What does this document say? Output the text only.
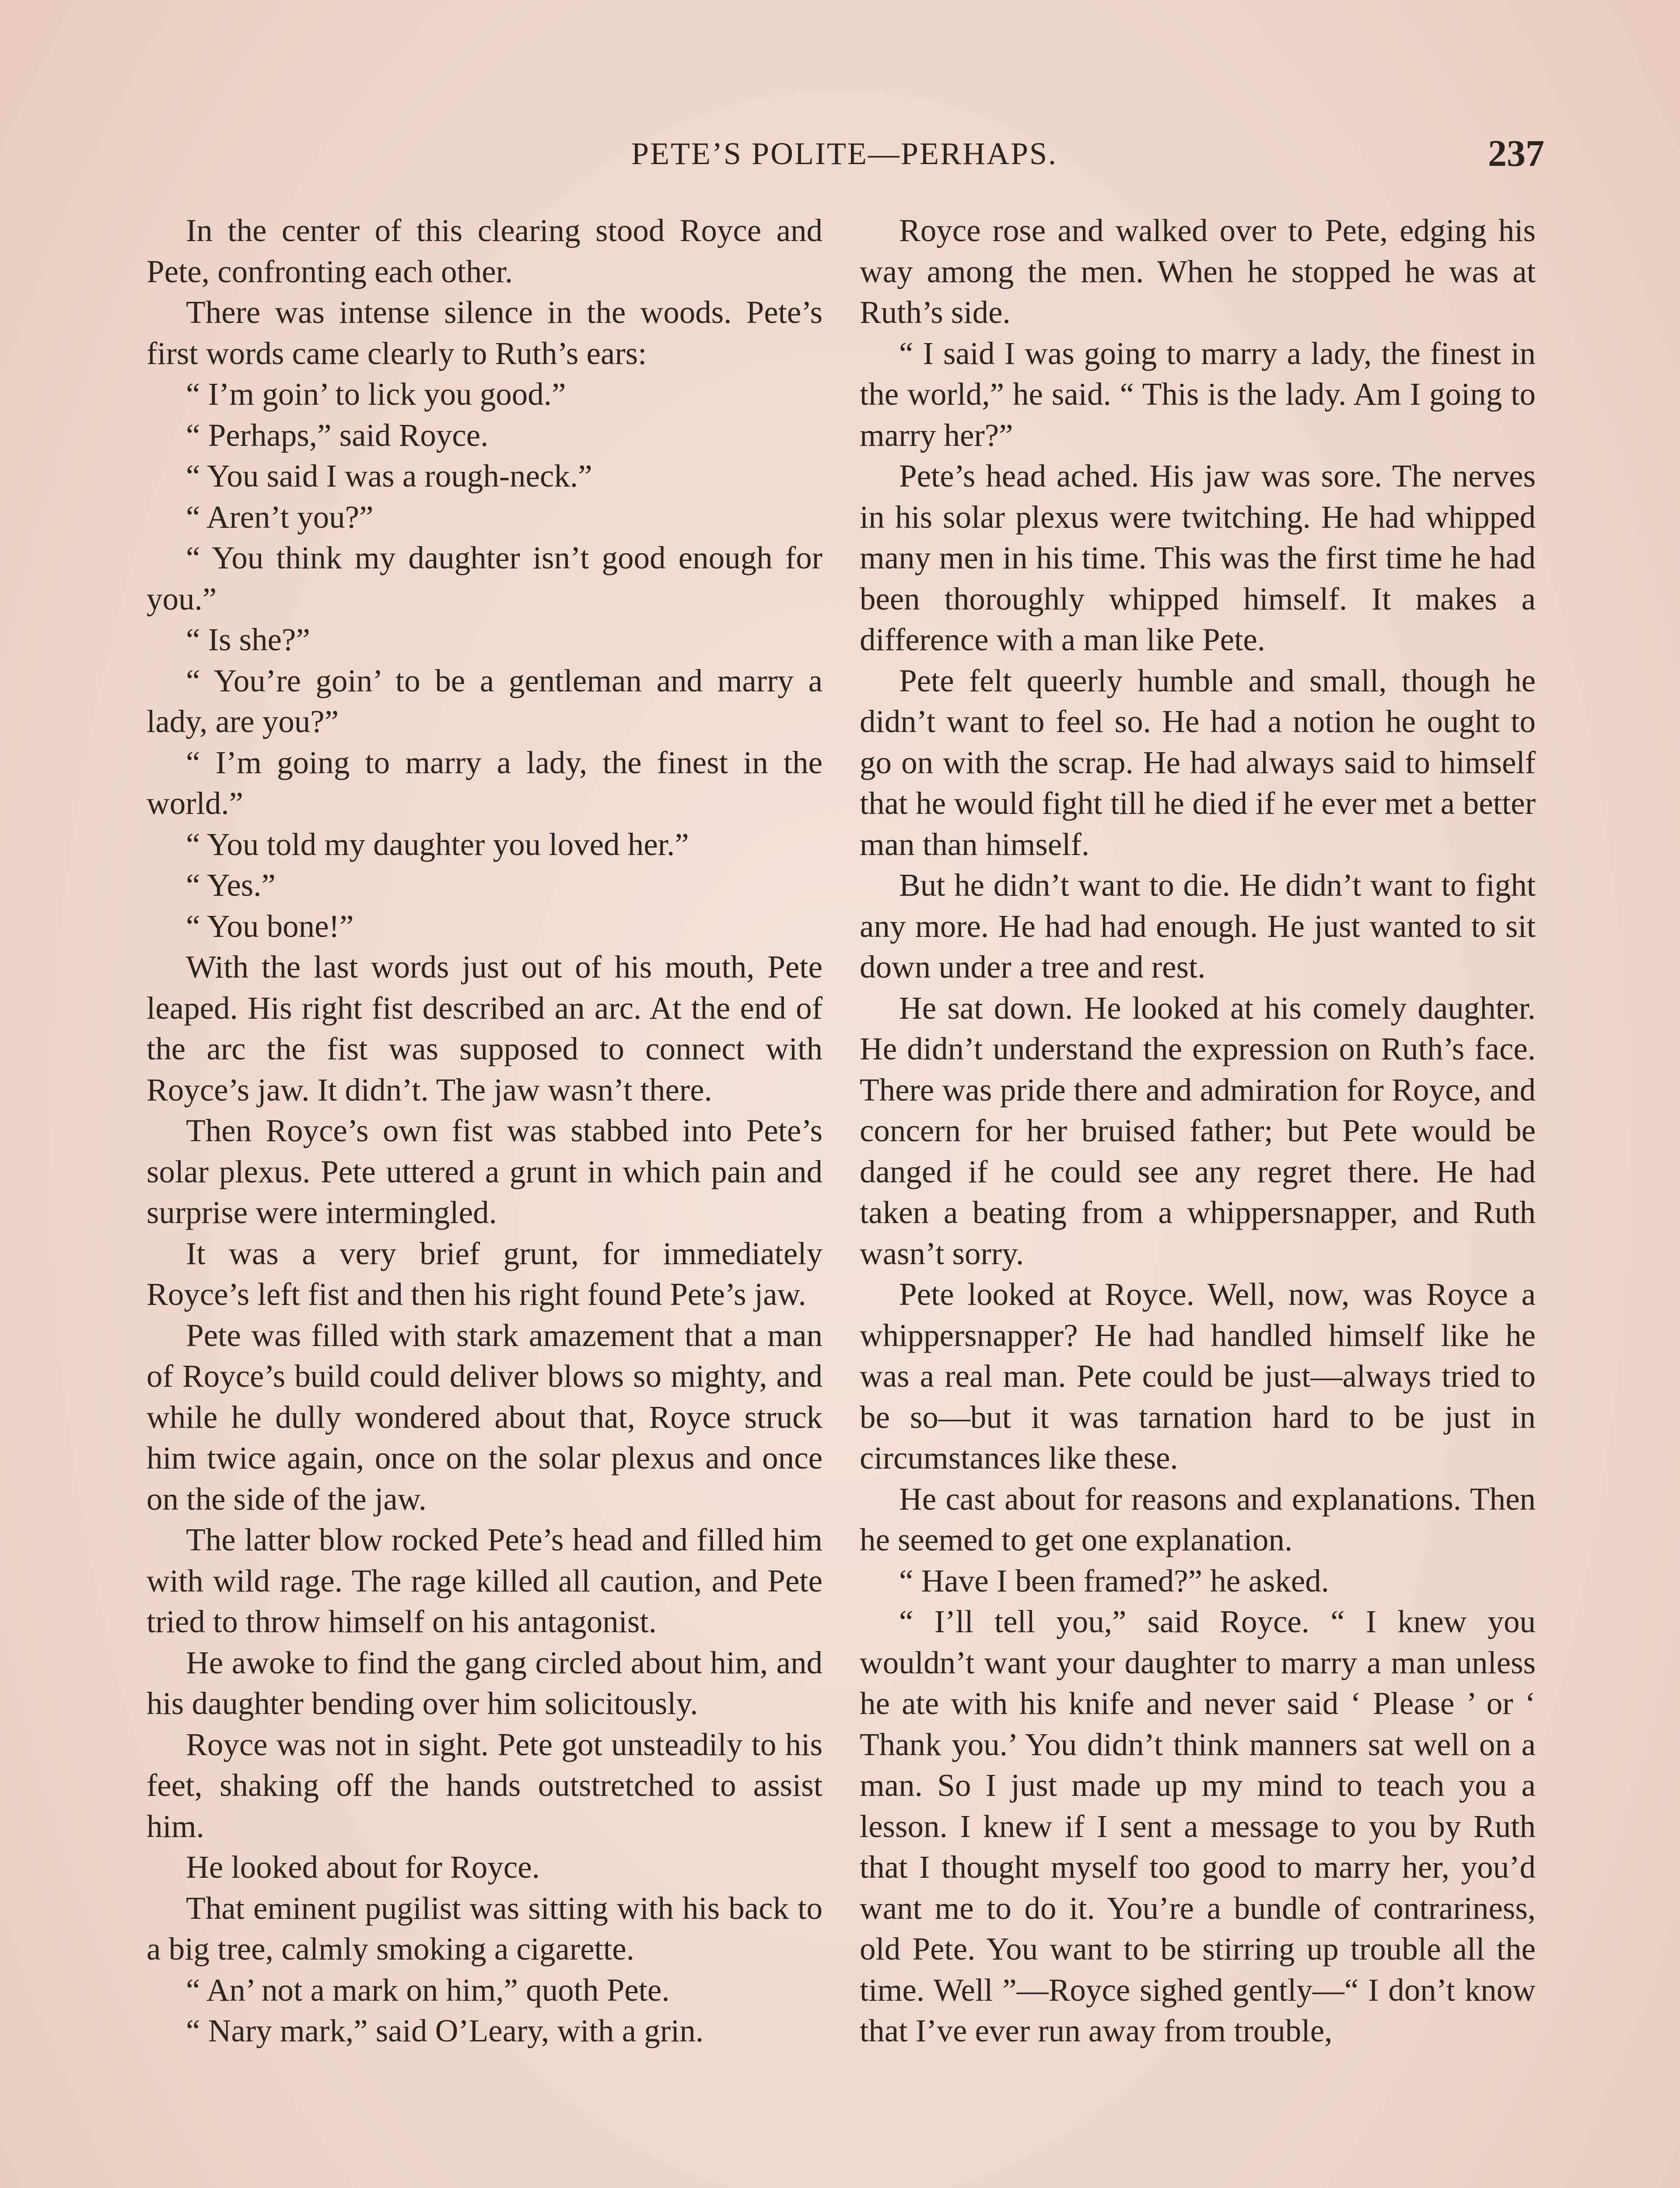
PETE’S POLITE—PERHAPS.	237

In the center of this clearing stood Royce and Pete, confronting each other.

There was intense silence in the woods. Pete’s first words came clearly to Ruth’s ears:

“ I’m goin’ to lick you good.”

“ Perhaps,” said Royce.

“ You said I was a rough-neck.”

“ Aren’t you?”

“ You think my daughter isn’t good enough for you.”

“ Is she?”

“ You’re goin’ to be a gentleman and marry a lady, are you?”

“ I’m going to marry a lady, the finest in the world.”

“ You told my daughter you loved her.”

“ Yes.”

“ You bone!”

With the last words just out of his mouth, Pete leaped. His right fist described an arc. At the end of the arc the fist was supposed to connect with Royce’s jaw. It didn’t. The jaw wasn’t there.

Then Royce’s own fist was stabbed into Pete’s solar plexus. Pete uttered a grunt in which pain and surprise were intermingled.

It was a very brief grunt, for immediately Royce’s left fist and then his right found Pete’s jaw.

Pete was filled with stark amazement that a man of Royce’s build could deliver blows so mighty, and while he dully wondered about that, Royce struck him twice again, once on the solar plexus and once on the side of the jaw.

The latter blow rocked Pete’s head and filled him with wild rage. The rage killed all caution, and Pete tried to throw himself on his antagonist.

He awoke to find the gang circled about him, and his daughter bending over him solicitously.

Royce was not in sight. Pete got unsteadily to his feet, shaking off the hands outstretched to assist him.

He looked about for Royce.

That eminent pugilist was sitting with his back to a big tree, calmly smoking a cigarette.

“ An’ not a mark on him,” quoth Pete.

“ Nary mark,” said O’Leary, with a grin.

Royce rose and walked over to Pete, edging his way among the men. When he stopped he was at Ruth’s side.

“ I said I was going to marry a lady, the finest in the world,” he said. “ This is the lady. Am I going to marry her?”

Pete’s head ached. His jaw was sore. The nerves in his solar plexus were twitching. He had whipped many men in his time. This was the first time he had been thoroughly whipped himself. It makes a difference with a man like Pete.

Pete felt queerly humble and small, though he didn’t want to feel so. He had a notion he ought to go on with the scrap. He had always said to himself that he would fight till he died if he ever met a better man than himself.

But he didn’t want to die. He didn’t want to fight any more. He had had enough. He just wanted to sit down under a tree and rest.

He sat down. He looked at his comely daughter. He didn’t understand the expression on Ruth’s face. There was pride there and admiration for Royce, and concern for her bruised father; but Pete would be danged if he could see any regret there. He had taken a beating from a whippersnapper, and Ruth wasn’t sorry.

Pete looked at Royce. Well, now, was Royce a whippersnapper? He had handled himself like he was a real man. Pete could be just—always tried to be so—but it was tarnation hard to be just in circumstances like these.

He cast about for reasons and explanations. Then he seemed to get one explanation.

“ Have I been framed?” he asked.

“ I’ll tell you,” said Royce. “ I knew you wouldn’t want your daughter to marry a man unless he ate with his knife and never said ‘ Please ’ or ‘ Thank you.’ You didn’t think manners sat well on a man. So I just made up my mind to teach you a lesson. I knew if I sent a message to you by Ruth that I thought myself too good to marry her, you’d want me to do it. You’re a bundle of contrariness, old Pete. You want to be stirring up trouble all the time. Well ”—Royce sighed gently—“ I don’t know that I’ve ever run away from trouble,
